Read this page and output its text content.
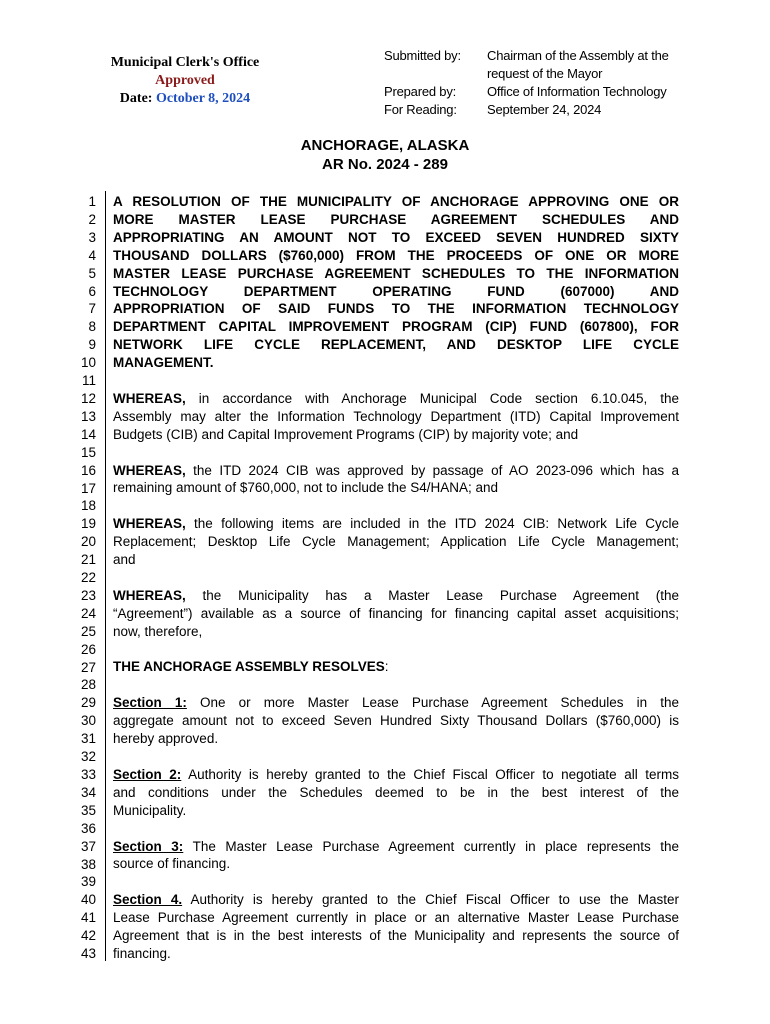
Municipal Clerk's Office
Approved
Date: October 8, 2024
Submitted by: Chairman of the Assembly at the
request of the Mayor
Prepared by: Office of Information Technology
For Reading: September 24, 2024
ANCHORAGE, ALASKA
AR No. 2024 - 289
1
2
3
4
5
6
7
8
9
10
11
12
13
14
15
16
17
18
19
20
21
22
23
24
25
26
27
28
29
30
31
32
33
34
35
36
37
38
39
40
41
42
43
A RESOLUTION OF THE MUNICIPALITY OF ANCHORAGE APPROVING ONE OR
MORE MASTER LEASE PURCHASE AGREEMENT SCHEDULES AND
APPROPRIATING AN AMOUNT NOT TO EXCEED SEVEN HUNDRED SIXTY
THOUSAND DOLLARS ($760,000) FROM THE PROCEEDS OF ONE OR MORE
MASTER LEASE PURCHASE AGREEMENT SCHEDULES TO THE INFORMATION
TECHNOLOGY DEPARTMENT OPERATING FUND (607000) AND
APPROPRIATION OF SAID FUNDS TO THE INFORMATION TECHNOLOGY
DEPARTMENT CAPITAL IMPROVEMENT PROGRAM (CIP) FUND (607800), FOR
NETWORK LIFE CYCLE REPLACEMENT, AND DESKTOP LIFE CYCLE
MANAGEMENT.
WHEREAS, in accordance with Anchorage Municipal Code section 6.10.045, the
Assembly may alter the Information Technology Department (ITD) Capital Improvement
Budgets (CIB) and Capital Improvement Programs (CIP) by majority vote; and
WHEREAS, the ITD 2024 CIB was approved by passage of AO 2023-096 which has a
remaining amount of $760,000, not to include the S4/HANA; and
WHEREAS, the following items are included in the ITD 2024 CIB: Network Life Cycle
Replacement; Desktop Life Cycle Management; Application Life Cycle Management;
and
WHEREAS, the Municipality has a Master Lease Purchase Agreement (the
“Agreement”) available as a source of financing for financing capital asset acquisitions;
now, therefore,
THE ANCHORAGE ASSEMBLY RESOLVES:
Section 1: One or more Master Lease Purchase Agreement Schedules in the
aggregate amount not to exceed Seven Hundred Sixty Thousand Dollars ($760,000) is
hereby approved.
Section 2: Authority is hereby granted to the Chief Fiscal Officer to negotiate all terms
and conditions under the Schedules deemed to be in the best interest of the
Municipality.
Section 3: The Master Lease Purchase Agreement currently in place represents the
source of financing.
Section 4. Authority is hereby granted to the Chief Fiscal Officer to use the Master
Lease Purchase Agreement currently in place or an alternative Master Lease Purchase
Agreement that is in the best interests of the Municipality and represents the source of
financing.
